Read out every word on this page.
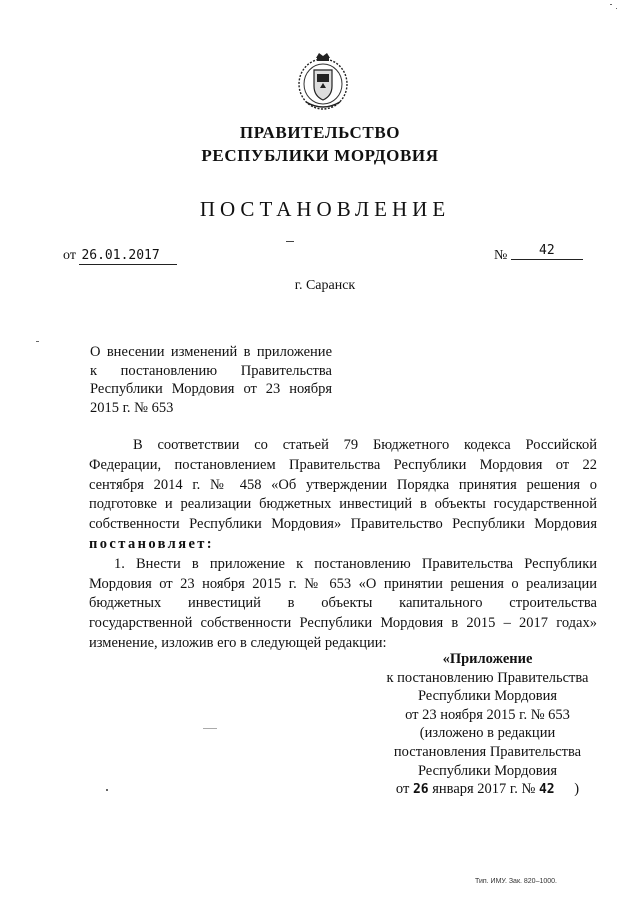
ПРАВИТЕЛЬСТВО
РЕСПУБЛИКИ МОРДОВИЯ
ПОСТАНОВЛЕНИЕ
от 26.01.2017	№ 42
г. Саранск
О внесении изменений в приложение
к постановлению Правительства
Республики Мордовия от 23 ноября
2015 г. № 653
В соответствии со статьей 79 Бюджетного кодекса Российской
Федерации, постановлением Правительства Республики Мордовия от 22
сентября 2014 г. № 458 «Об утверждении Порядка принятия решения о
подготовке и реализации бюджетных инвестиций в объекты государственной
собственности Республики Мордовия» Правительство Республики Мордовия
постановляет:
1. Внести в приложение к постановлению Правительства Республики
Мордовия от 23 ноября 2015 г. № 653 «О принятии решения о реализации
бюджетных инвестиций в объекты капитального строительства
государственной собственности Республики Мордовия в 2015 – 2017 годах»
изменение, изложив его в следующей редакции:
«Приложение
к постановлению Правительства
Республики Мордовия
от 23 ноября 2015 г. № 653
(изложено в редакции
постановления Правительства
Республики Мордовия
от 26 января 2017 г. № 42 )
Тип. ИМУ. Зак. 820–1000.
